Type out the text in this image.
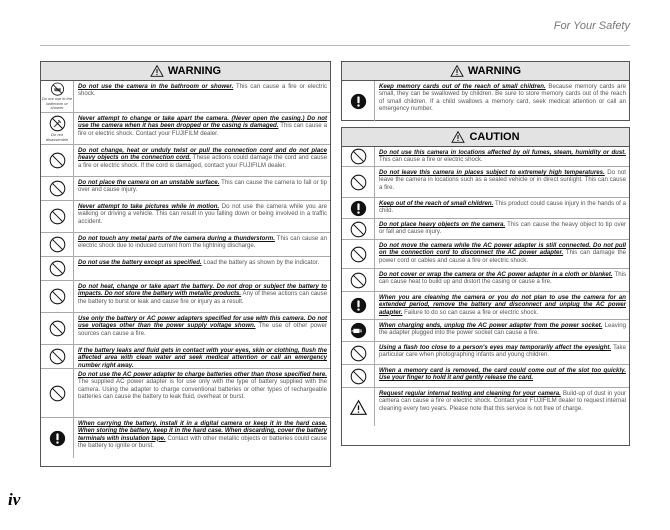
For Your Safety
WARNING
Do not use in the bathroom or shower
Do not use the camera in the bathroom or shower. This can cause a fire or electric shock.
Do not disassemble
Never attempt to change or take apart the camera. (Never open the casing.) Do not use the camera when it has been dropped or the casing is damaged. This can cause a fire or electric shock. Contact your FUJIFILM dealer.
Do not change, heat or unduly twist or pull the connection cord and do not place heavy objects on the connection cord. These actions could damage the cord and cause a fire or electric shock. If the cord is damaged, contact your FUJIFILM dealer.
Do not place the camera on an unstable surface. This can cause the camera to fall or tip over and cause injury.
Never attempt to take pictures while in motion. Do not use the camera while you are walking or driving a vehicle. This can result in you falling down or being involved in a traffic accident.
Do not touch any metal parts of the camera during a thunderstorm. This can cause an electric shock due to induced current from the lightning discharge.
Do not use the battery except as specified. Load the battery as shown by the indicator.
Do not heat, change or take apart the battery. Do not drop or subject the battery to impacts. Do not store the battery with metallic products. Any of these actions can cause the battery to burst or leak and cause fire or injury as a result.
Use only the battery or AC power adapters specified for use with this camera. Do not use voltages other than the power supply voltage shown. The use of other power sources can cause a fire.
If the battery leaks and fluid gets in contact with your eyes, skin or clothing, flush the affected area with clean water and seek medical attention or call an emergency number right away.
Do not use the AC power adapter to charge batteries other than those specified here. The supplied AC power adapter is for use only with the type of battery supplied with the camera. Using the adapter to charge conventional batteries or other types of rechargeable batteries can cause the battery to leak fluid, overheat or burst.
When carrying the battery, install it in a digital camera or keep it in the hard case. When storing the battery, keep it in the hard case. When discarding, cover the battery terminals with insulation tape. Contact with other metallic objects or batteries could cause the battery to ignite or burst.
WARNING
Keep memory cards out of the reach of small children. Because memory cards are small, they can be swallowed by children. Be sure to store memory cards out of the reach of small children. If a child swallows a memory card, seek medical attention or call an emergency number.
CAUTION
Do not use this camera in locations affected by oil fumes, steam, humidity or dust. This can cause a fire or electric shock.
Do not leave this camera in places subject to extremely high temperatures. Do not leave the camera in locations such as a sealed vehicle or in direct sunlight. This can cause a fire.
Keep out of the reach of small children. This product could cause injury in the hands of a child.
Do not place heavy objects on the camera. This can cause the heavy object to tip over or fall and cause injury.
Do not move the camera while the AC power adapter is still connected. Do not pull on the connection cord to disconnect the AC power adapter. This can damage the power cord or cables and cause a fire or electric shock.
Do not cover or wrap the camera or the AC power adapter in a cloth or blanket. This can cause heat to build up and distort the casing or cause a fire.
When you are cleaning the camera or you do not plan to use the camera for an extended period, remove the battery and disconnect and unplug the AC power adapter. Failure to do so can cause a fire or electric shock.
When charging ends, unplug the AC power adapter from the power socket. Leaving the adapter plugged into the power socket can cause a fire.
Using a flash too close to a person's eyes may temporarily affect the eyesight. Take particular care when photographing infants and young children.
When a memory card is removed, the card could come out of the slot too quickly. Use your finger to hold it and gently release the card.
Request regular internal testing and cleaning for your camera. Build-up of dust in your camera can cause a fire or electric shock. Contact your FUJIFILM dealer to request internal cleaning every two years. Please note that this service is not free of charge.
iv
